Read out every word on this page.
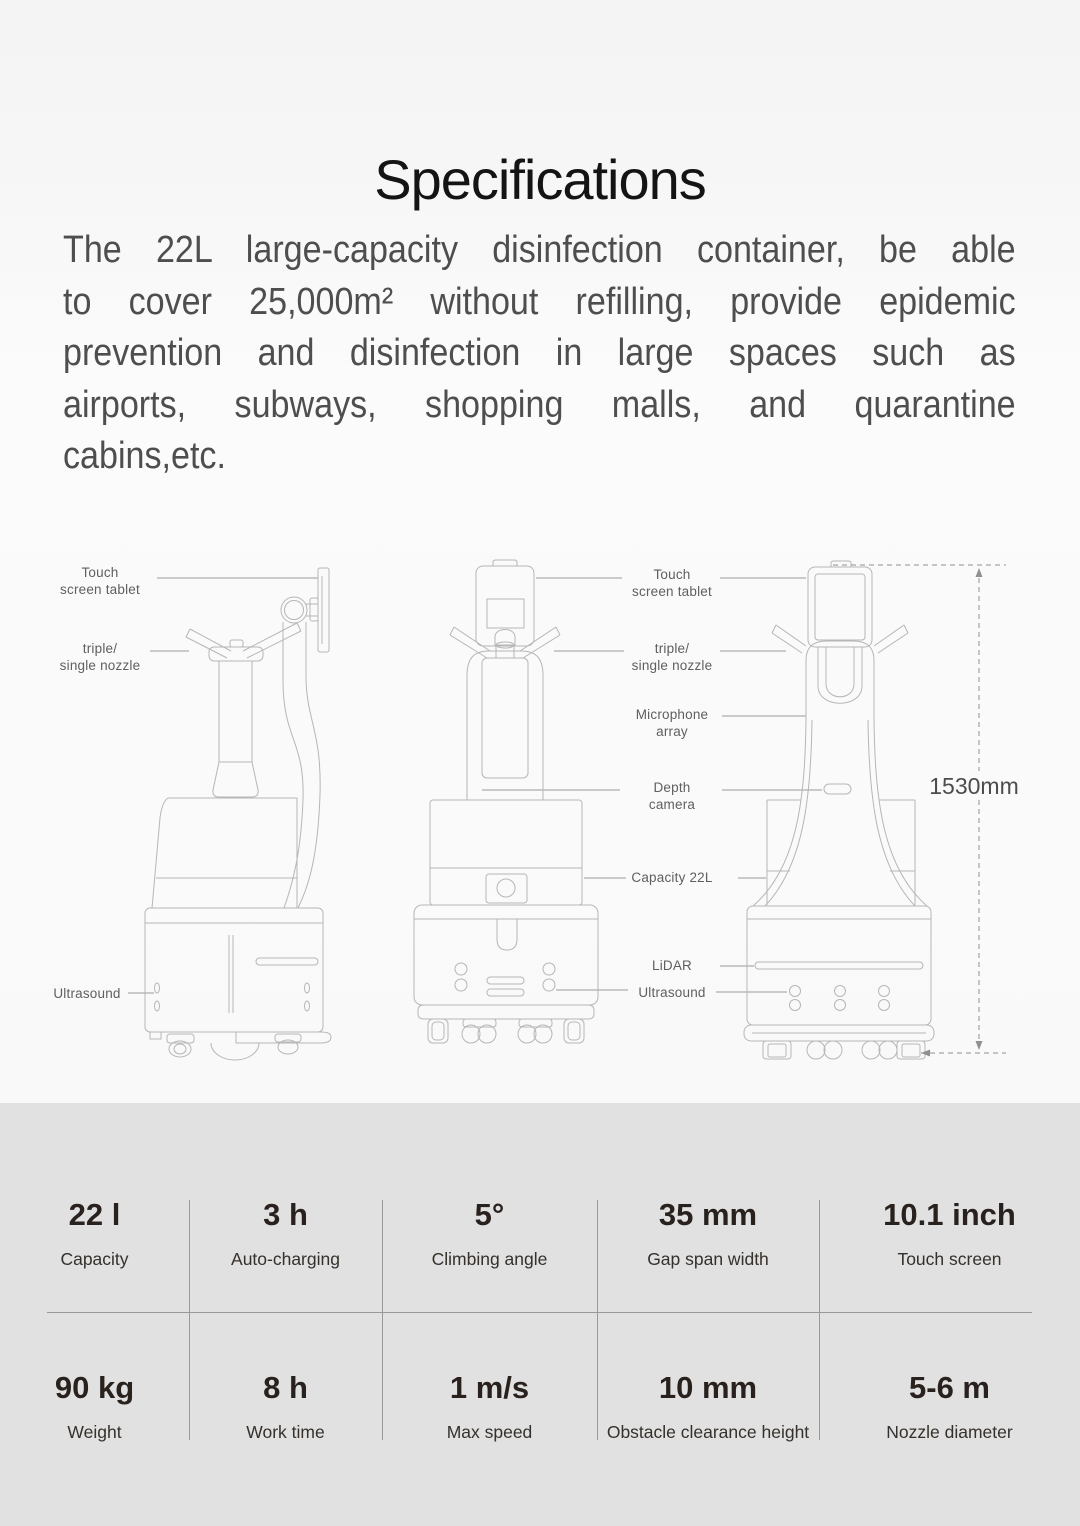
Specifications
The 22L large-capacity disinfection container, be able
to cover 25,000m² without refilling, provide epidemic
prevention and disinfection in large spaces such as
airports, subways, shopping malls, and quarantine
cabins,etc.
Touch
screen tablet
triple/
single nozzle
Ultrasound
Touch
screen tablet
triple/
single nozzle
Microphone
array
Depth
camera
Capacity 22L
LiDAR
Ultrasound
1530mm
22 l
Capacity
3 h
Auto-charging
5°
Climbing angle
35 mm
Gap span width
10.1 inch
Touch screen
90 kg
Weight
8 h
Work time
1 m/s
Max speed
10 mm
Obstacle clearance height
5-6 m
Nozzle diameter
